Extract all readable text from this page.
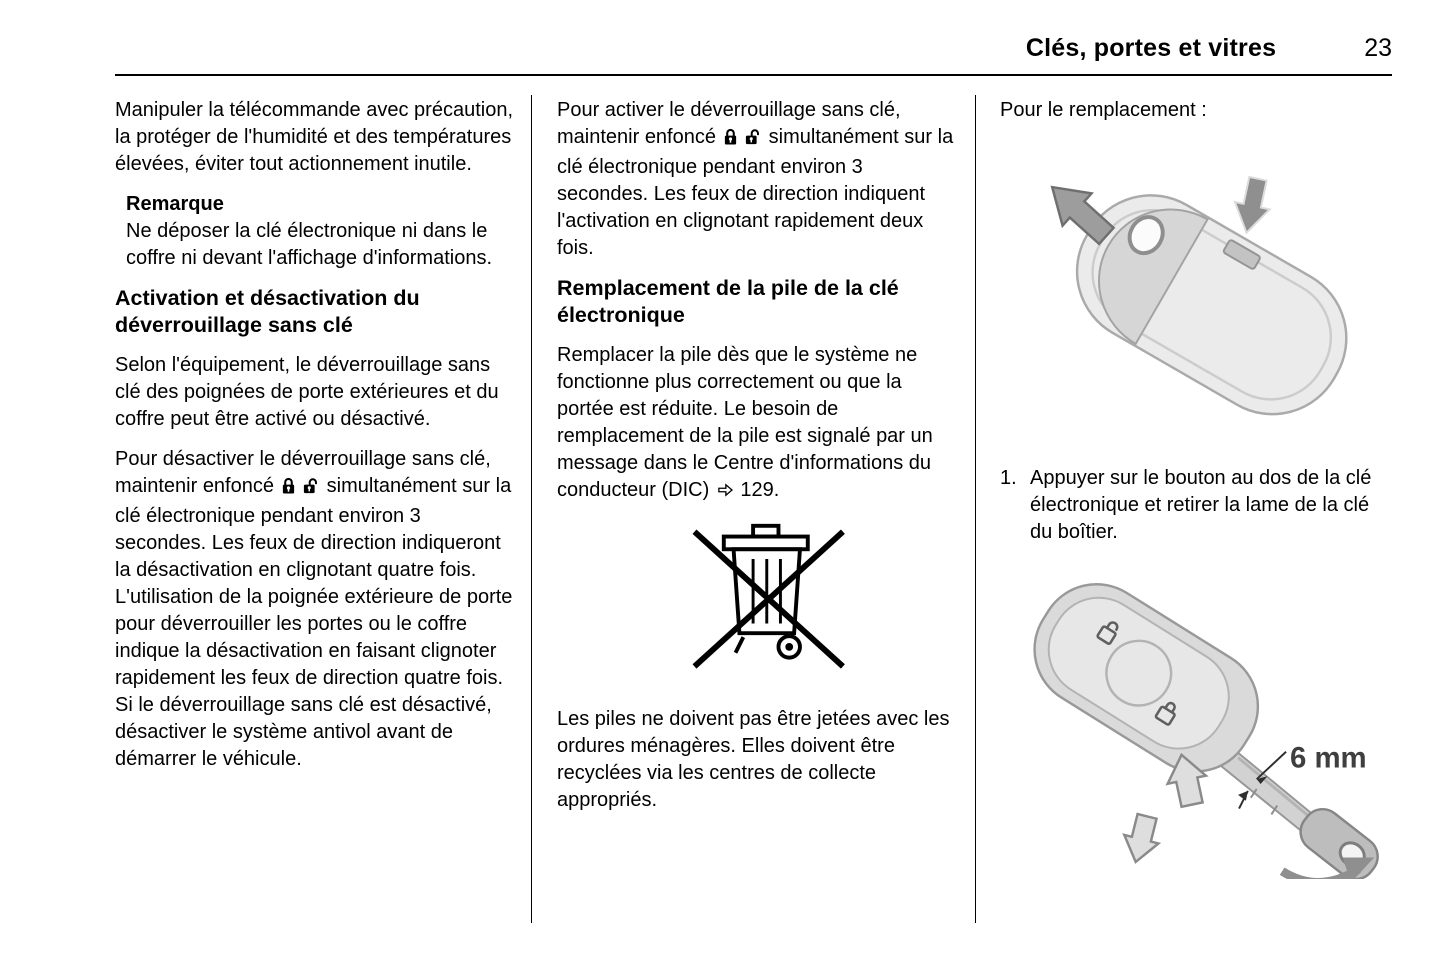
Clés, portes et vitres	23

Manipuler la télécommande avec précaution, la protéger de l'humidité et des températures élevées, éviter tout actionnement inutile.

Remarque
Ne déposer la clé électronique ni dans le coffre ni devant l'affichage d'informations.
Activation et désactivation du déverrouillage sans clé

Selon l'équipement, le déverrouillage sans clé des poignées de porte extérieures et du coffre peut être activé ou désactivé.

Pour désactiver le déverrouillage sans clé, maintenir enfoncé	simultanément sur la clé électronique pendant environ 3 secondes. Les feux de direction indiqueront la désactivation en clignotant quatre fois. L'utilisation de la poignée extérieure de porte pour déverrouiller les portes ou le coffre indique la désactivation en faisant clignoter rapidement les feux de direction quatre fois. Si le déverrouillage sans clé est désactivé, désactiver le système antivol avant de démarrer le véhicule.

Pour activer le déverrouillage sans clé, maintenir enfoncé	simultanément sur la clé électronique pendant environ 3 secondes. Les feux de direction indiquent l'activation en clignotant rapidement deux fois.

Remplacement de la pile de la clé électronique

Remplacer la pile dès que le système ne fonctionne plus correctement ou que la portée est réduite. Le besoin de remplacement de la pile est signalé par un message dans le Centre d'informations du conducteur (DIC) 129.

Les piles ne doivent pas être jetées avec les ordures ménagères. Elles doivent être recyclées via les centres de collecte appropriés.

Pour le remplacement :

1. Appuyer sur le bouton au dos de la clé électronique et retirer la lame de la clé du boîtier.
6 mm
